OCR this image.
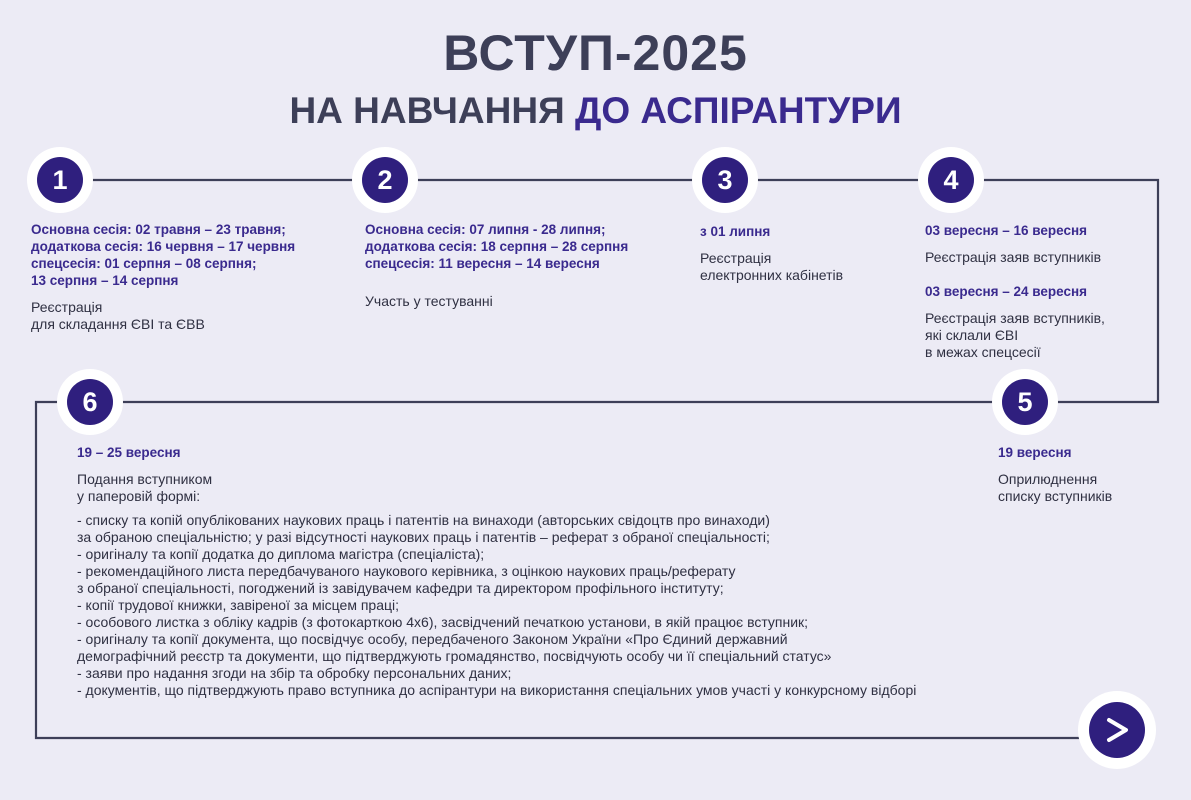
ВСТУП-2025
НА НАВЧАННЯ ДО АСПІРАНТУРИ
1	2	3	4
5
6
Основна сесія: 02 травня – 23 травня;
додаткова сесія: 16 червня – 17 червня
спецсесія: 01 серпня – 08 серпня;
13 серпня – 14 серпня
Реєстрація
для складання ЄВІ та ЄВВ
Основна сесія: 07 липня - 28 липня;
додаткова сесія: 18 серпня – 28 серпня
спецсесія: 11 вересня – 14 вересня
Участь у тестуванні
з 01 липня
Реєстрація
електронних кабінетів
03 вересня – 16 вересня
Реєстрація заяв вступників
03 вересня – 24 вересня
Реєстрація заяв вступників,
які склали ЄВІ
в межах спецсесії
19 вересня
Оприлюднення
списку вступників
19 – 25 вересня
Подання вступником
у паперовій формі:
- списку та копій опублікованих наукових праць і патентів на винаходи (авторських свідоцтв про винаходи)
за обраною спеціальністю; у разі відсутності наукових праць і патентів – реферат з обраної спеціальності;
- оригіналу та копії додатка до диплома магістра (спеціаліста);
- рекомендаційного листа передбачуваного наукового керівника, з оцінкою наукових праць/реферату
з обраної спеціальності, погоджений із завідувачем кафедри та директором профільного інституту;
- копії трудової книжки, завіреної за місцем праці;
- особового листка з обліку кадрів (з фотокарткою 4х6), засвідчений печаткою установи, в якій працює вступник;
- оригіналу та копії документа, що посвідчує особу, передбаченого Законом України «Про Єдиний державний
демографічний реєстр та документи, що підтверджують громадянство, посвідчують особу чи її спеціальний статус»
- заяви про надання згоди на збір та обробку персональних даних;
- документів, що підтверджують право вступника до аспірантури на використання спеціальних умов участі у конкурсному відборі
